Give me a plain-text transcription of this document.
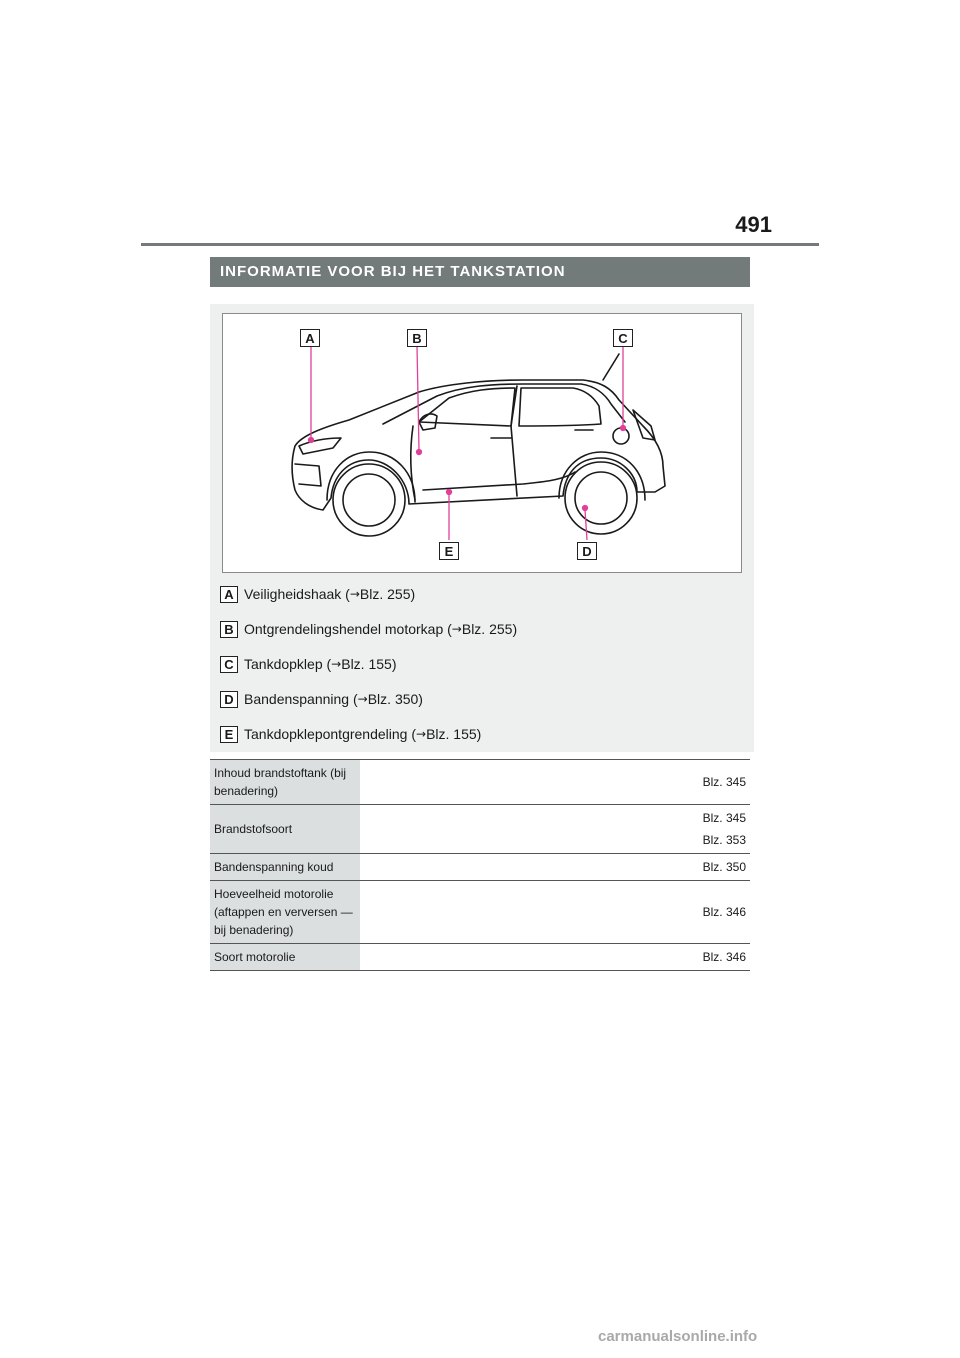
491
INFORMATIE VOOR BIJ HET TANKSTATION
A	B	C
E	D
A Veiligheidshaak ( → Blz. 255)
B Ontgrendelingshendel motorkap ( → Blz. 255)
C Tankdopklep ( → Blz. 155)
D Bandenspanning ( → Blz. 350)
E Tankdopklepontgrendeling ( → Blz. 155)
Inhoud brandstoftank (bij benadering)	Blz. 345

Brandstofsoort	Blz. 345
Blz. 353

Bandenspanning koud	Blz. 350

Hoeveelheid motorolie (aftappen en verversen — bij benadering)	Blz. 346

Soort motorolie	Blz. 346
carmanualsonline.info
